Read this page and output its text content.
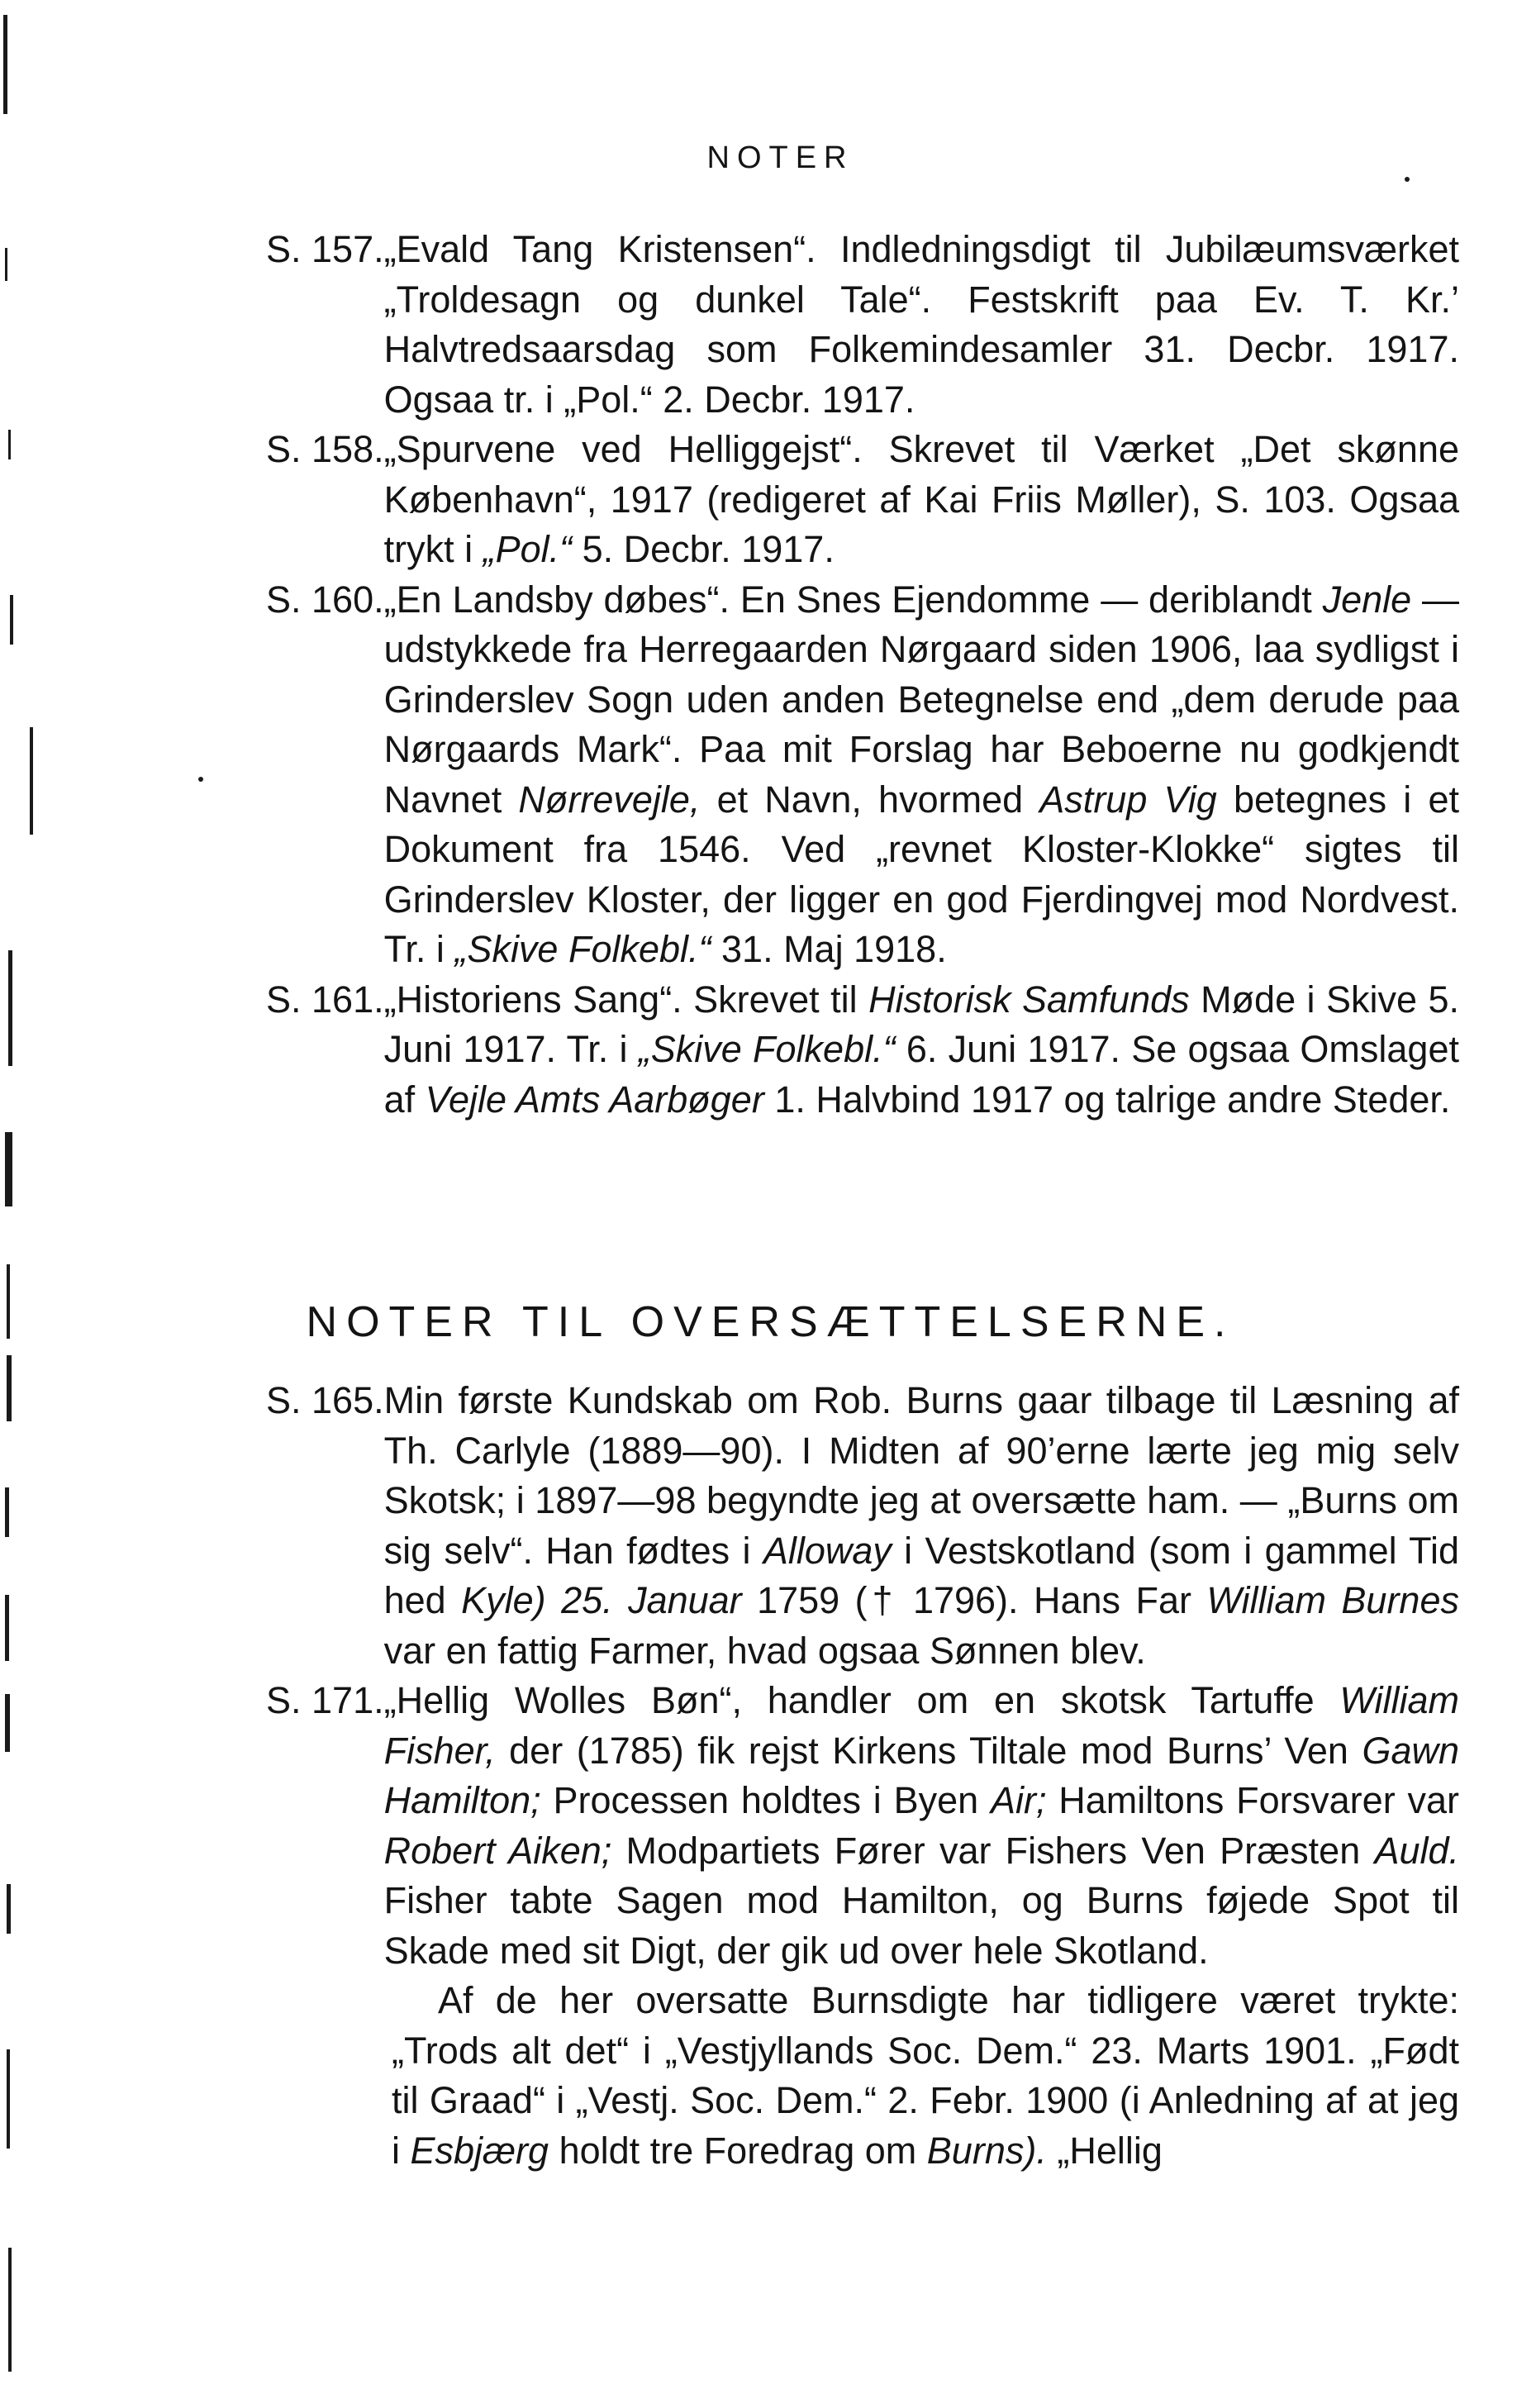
NOTER
S. 157. „Evald Tang Kristensen“. Indledningsdigt til Jubilæumsværket „Troldesagn og dunkel Tale“. Festskrift paa Ev. T. Kr.’ Halvtredsaarsdag som Folkemindesamler 31. Decbr. 1917. Ogsaa tr. i „Pol.“ 2. Decbr. 1917.
S. 158. „Spurvene ved Helliggejst“. Skrevet til Værket „Det skønne København“, 1917 (redigeret af Kai Friis Møller), S. 103. Ogsaa trykt i „Pol.“ 5. Decbr. 1917.
S. 160. „En Landsby døbes“. En Snes Ejendomme — deriblandt Jenle — udstykkede fra Herregaarden Nørgaard siden 1906, laa sydligst i Grinderslev Sogn uden anden Betegnelse end „dem derude paa Nørgaards Mark“. Paa mit Forslag har Beboerne nu godkjendt Navnet Nørrevejle, et Navn, hvormed Astrup Vig betegnes i et Dokument fra 1546. Ved „revnet Kloster-Klokke“ sigtes til Grinderslev Kloster, der ligger en god Fjerdingvej mod Nordvest. Tr. i „Skive Folkebl.“ 31. Maj 1918.
S. 161. „Historiens Sang“. Skrevet til Historisk Samfunds Møde i Skive 5. Juni 1917. Tr. i „Skive Folkebl.“ 6. Juni 1917. Se ogsaa Omslaget af Vejle Amts Aarbøger 1. Halvbind 1917 og talrige andre Steder.
NOTER TIL OVERSÆTTELSERNE.
S. 165. Min første Kundskab om Rob. Burns gaar tilbage til Læsning af Th. Carlyle (1889—90). I Midten af 90’erne lærte jeg mig selv Skotsk; i 1897—98 begyndte jeg at oversætte ham. — „Burns om sig selv“. Han fødtes i Alloway i Vestskotland (som i gammel Tid hed Kyle) 25. Januar 1759 († 1796). Hans Far William Burnes var en fattig Farmer, hvad ogsaa Sønnen blev.
S. 171. „Hellig Wolles Bøn“, handler om en skotsk Tartuffe William Fisher, der (1785) fik rejst Kirkens Tiltale mod Burns’ Ven Gawn Hamilton; Processen holdtes i Byen Air; Hamiltons Forsvarer var Robert Aiken; Modpartiets Fører var Fishers Ven Præsten Auld. Fisher tabte Sagen mod Hamilton, og Burns føjede Spot til Skade med sit Digt, der gik ud over hele Skotland.
Af de her oversatte Burnsdigte har tidligere været trykte: „Trods alt det“ i „Vestjyllands Soc. Dem.“ 23. Marts 1901. „Født til Graad“ i „Vestj. Soc. Dem.“ 2. Febr. 1900 (i Anledning af at jeg i Esbjærg holdt tre Foredrag om Burns). „Hellig
